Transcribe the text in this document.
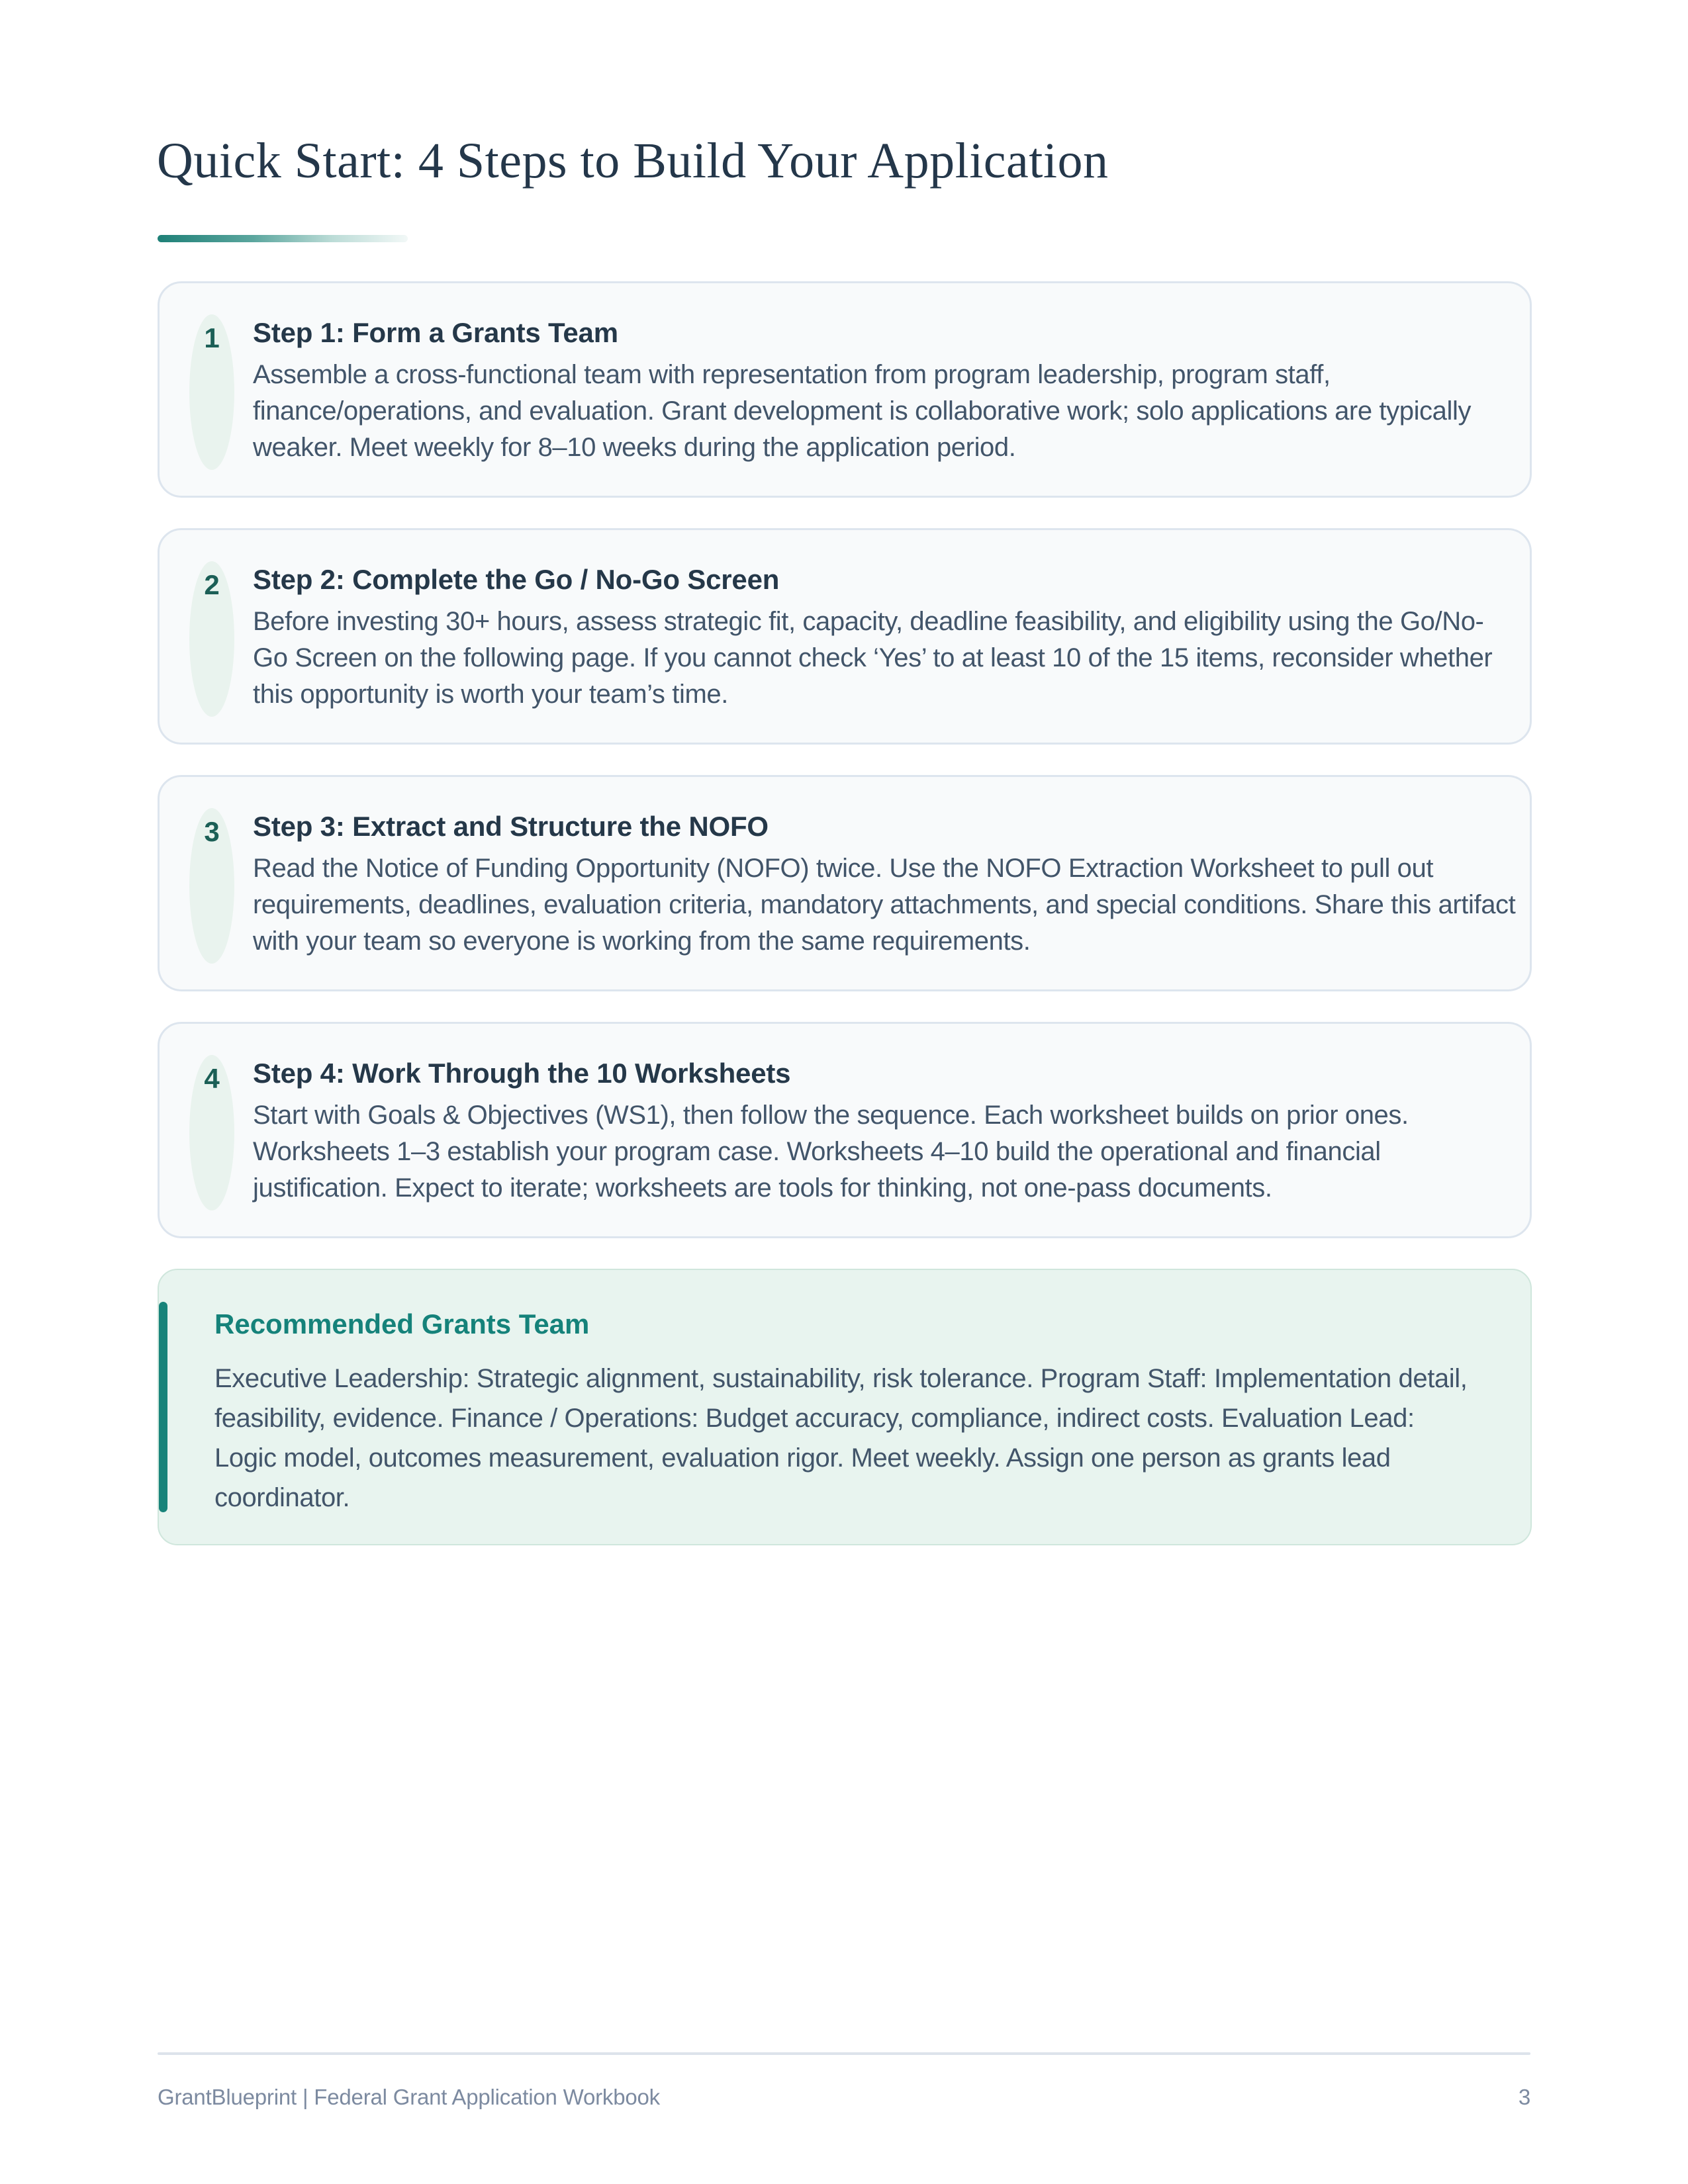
Quick Start: 4 Steps to Build Your Application
1	Step 1: Form a Grants Team

Assemble a cross-functional team with representation from program leadership, program staff, finance/operations, and evaluation. Grant development is collaborative work; solo applications are typically weaker. Meet weekly for 8–10 weeks during the application period.

2	Step 2: Complete the Go / No-Go Screen

Before investing 30+ hours, assess strategic fit, capacity, deadline feasibility, and eligibility using the Go/No-Go Screen on the following page. If you cannot check ‘Yes’ to at least 10 of the 15 items, reconsider whether this opportunity is worth your team’s time.

3	Step 3: Extract and Structure the NOFO

Read the Notice of Funding Opportunity (NOFO) twice. Use the NOFO Extraction Worksheet to pull out requirements, deadlines, evaluation criteria, mandatory attachments, and special conditions. Share this artifact with your team so everyone is working from the same requirements.

4	Step 4: Work Through the 10 Worksheets

Start with Goals & Objectives (WS1), then follow the sequence. Each worksheet builds on prior ones. Worksheets 1–3 establish your program case. Worksheets 4–10 build the operational and financial justification. Expect to iterate; worksheets are tools for thinking, not one-pass documents.

Recommended Grants Team

Executive Leadership: Strategic alignment, sustainability, risk tolerance. Program Staff: Implementation detail, feasibility, evidence. Finance / Operations: Budget accuracy, compliance, indirect costs. Evaluation Lead: Logic model, outcomes measurement, evaluation rigor. Meet weekly. Assign one person as grants lead coordinator.

GrantBlueprint | Federal Grant Application Workbook	3
